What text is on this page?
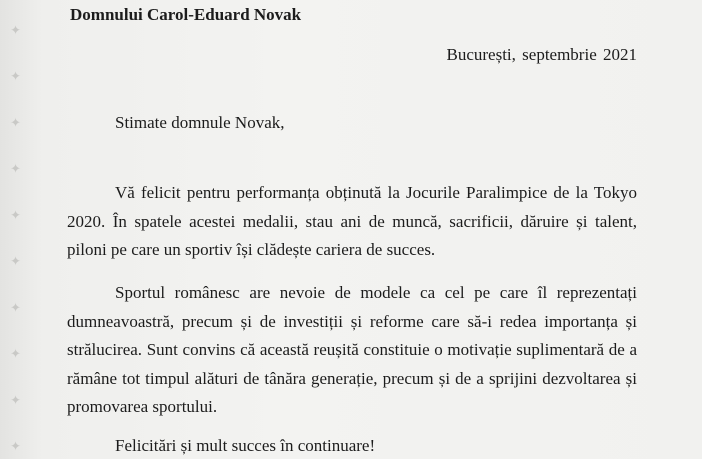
✦ ✦ ✦ ✦ ✦ ✦ ✦ ✦ ✦ ✦	Domnului Carol-Eduard Novak
București, septembrie 2021
Stimate domnule Novak,

Vă felicit pentru performanța obținută la Jocurile Paralimpice de la Tokyo 2020. În spatele acestei medalii, stau ani de muncă, sacrificii, dăruire și talent, piloni pe care un sportiv își clădește cariera de succes.

Sportul românesc are nevoie de modele ca cel pe care îl reprezentați dumneavoastră, precum și de investiții și reforme care să-i redea importanța și strălucirea. Sunt convins că această reușită constituie o motivație suplimentară de a rămâne tot timpul alături de tânăra generație, precum și de a sprijini dezvoltarea și promovarea sportului.

Felicitări și mult succes în continuare!
